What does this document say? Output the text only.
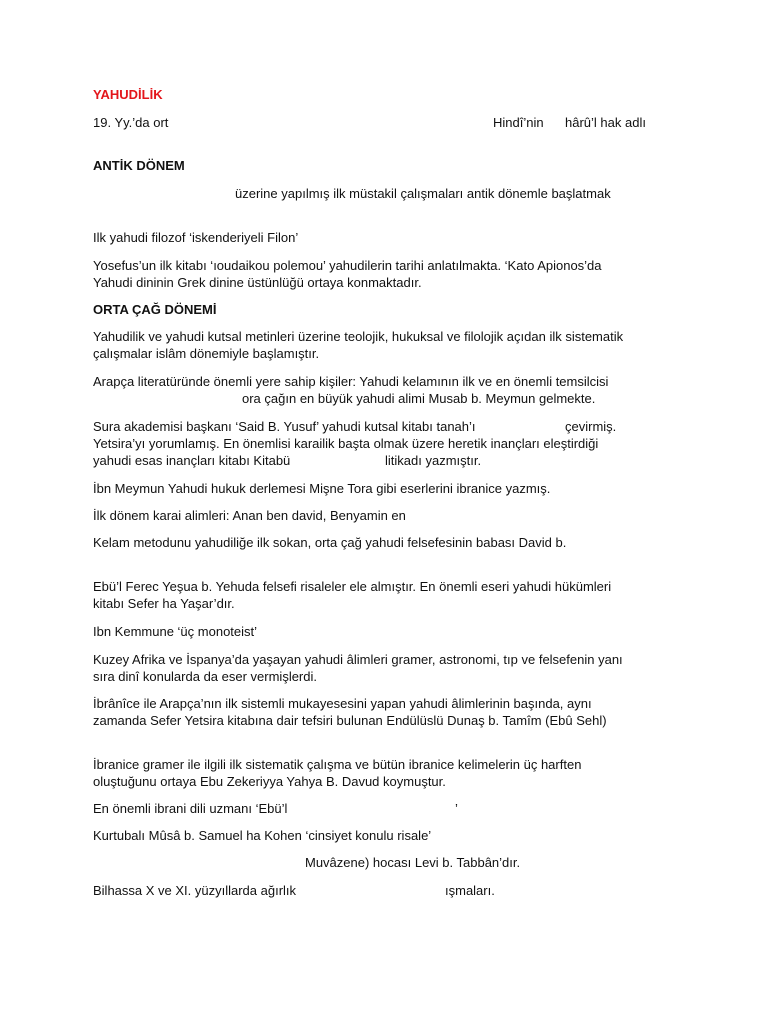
YAHUDİLİK
19. Yy.’da ort	Hindî’nin hârû’l hak adlı
ANTİK DÖNEM
üzerine yapılmış ilk müstakil çalışmaları antik dönemle başlatmak
Ilk yahudi filozof ‘iskenderiyeli Filon’
Yosefus’un ilk kitabı ‘ıoudaikou polemou’ yahudilerin tarihi anlatılmakta. ‘Kato Apionos’da
Yahudi dininin Grek dinine üstünlüğü ortaya konmaktadır.
ORTA ÇAĞ DÖNEMİ
Yahudilik ve yahudi kutsal metinleri üzerine teolojik, hukuksal ve filolojik açıdan ilk sistematik
çalışmalar islâm dönemiyle başlamıştır.
Arapça literatüründe önemli yere sahip kişiler: Yahudi kelamının ilk ve en önemli temsilcisi
ora çağın en büyük yahudi alimi Musab b. Meymun gelmekte.
Sura akademisi başkanı ‘Said B. Yusuf’ yahudi kutsal kitabı tanah’ı	çevirmiş.
Yetsira’yı yorumlamış. En önemlisi karailik başta olmak üzere heretik inançları eleştirdiği
yahudi esas inançları kitabı Kitabü	litikadı yazmıştır.
İbn Meymun Yahudi hukuk derlemesi Mişne Tora gibi eserlerini ibranice yazmış.
İlk dönem karai alimleri: Anan ben david, Benyamin en
Kelam metodunu yahudiliğe ilk sokan, orta çağ yahudi felsefesinin babası David b.
Ebü’l Ferec Yeşua b. Yehuda felsefi risaleler ele almıştır. En önemli eseri yahudi hükümleri
kitabı Sefer ha Yaşar’dır.
Ibn Kemmune ‘üç monoteist’
Kuzey Afrika ve İspanya’da yaşayan yahudi âlimleri gramer, astronomi, tıp ve felsefenin yanı
sıra dinî konularda da eser vermişlerdi.
İbrânîce ile Arapça’nın ilk sistemli mukayesesini yapan yahudi âlimlerinin başında, aynı
zamanda Sefer Yetsira kitabına dair tefsiri bulunan Endülüslü Dunaş b. Tamîm (Ebû Sehl)
İbranice gramer ile ilgili ilk sistematik çalışma ve bütün ibranice kelimelerin üç harften
oluştuğunu ortaya Ebu Zekeriyya Yahya B. Davud koymuştur.
En önemli ibrani dili uzmanı ‘Ebü’l	’
Kurtubalı Mûsâ b. Samuel ha Kohen ‘cinsiyet konulu risale’
Muvâzene) hocası Levi b. Tabbân’dır.
Bilhassa X ve XI. yüzyıllarda ağırlık	ışmaları.
